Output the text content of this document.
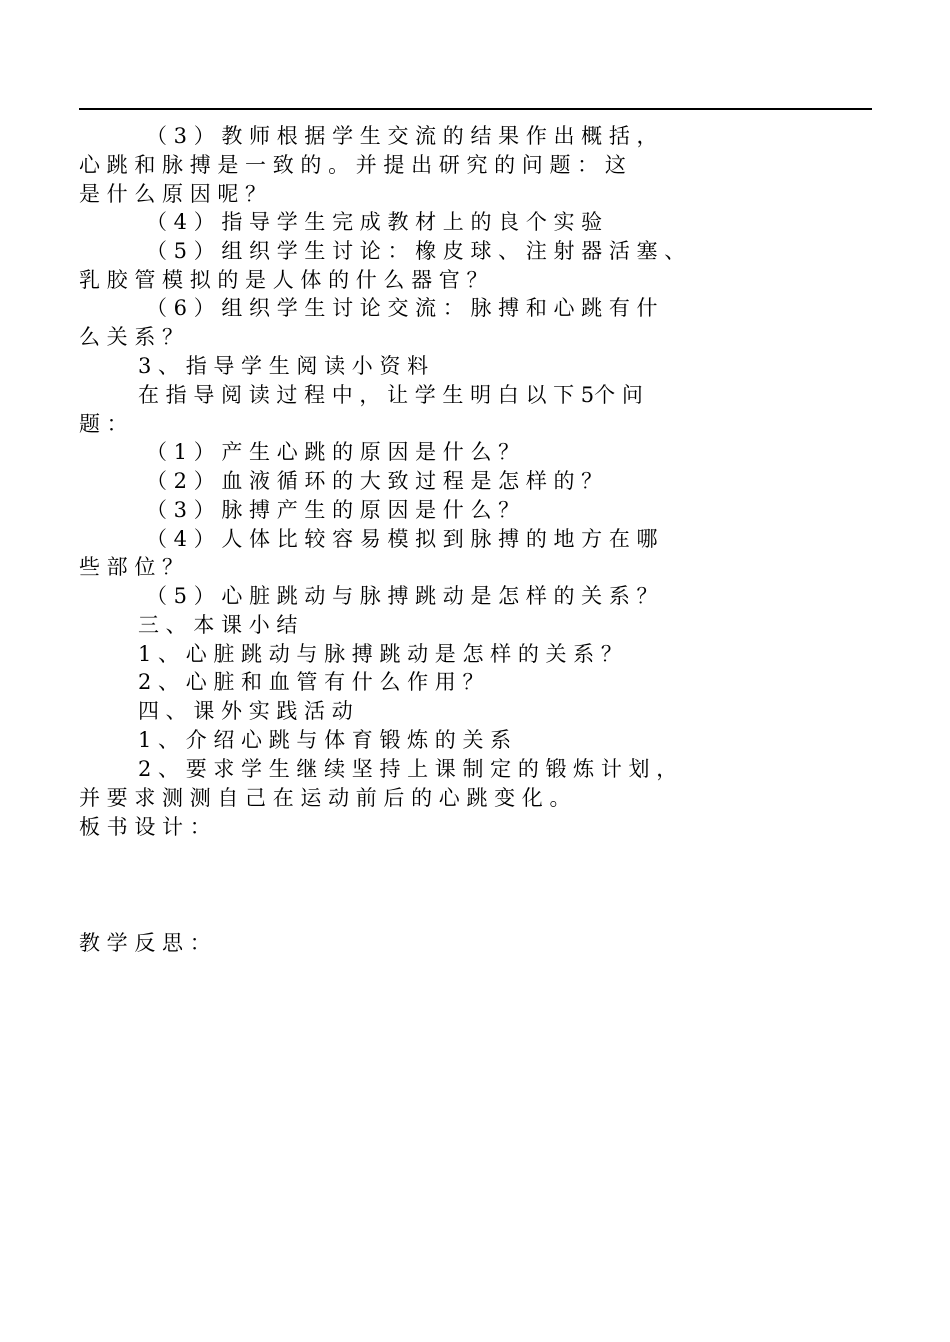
（ 3 ） 教 师 根 据 学 生 交 流 的 结 果 作 出 概 括 ，
心 跳 和 脉 搏 是 一 致 的 。 并 提 出 研 究 的 问 题 ： 这
是 什 么 原 因 呢 ？
（ 4 ） 指 导 学 生 完 成 教 材 上 的 良 个 实 验
（ 5 ） 组 织 学 生 讨 论 ： 橡 皮 球 、 注 射 器 活 塞 、
乳 胶 管 模 拟 的 是 人 体 的 什 么 器 官 ？
（ 6 ） 组 织 学 生 讨 论 交 流 ： 脉 搏 和 心 跳 有 什
么 关 系 ？
3 、 指 导 学 生 阅 读 小 资 料
在 指 导 阅 读 过 程 中 ， 让 学 生 明 白 以 下 5个 问
题 ：
（ 1 ） 产 生 心 跳 的 原 因 是 什 么 ？
（ 2 ） 血 液 循 环 的 大 致 过 程 是 怎 样 的 ？
（ 3 ） 脉 搏 产 生 的 原 因 是 什 么 ？
（ 4 ） 人 体 比 较 容 易 模 拟 到 脉 搏 的 地 方 在 哪
些 部 位 ？
（ 5 ） 心 脏 跳 动 与 脉 搏 跳 动 是 怎 样 的 关 系 ？
三 、 本 课 小 结
1 、 心 脏 跳 动 与 脉 搏 跳 动 是 怎 样 的 关 系 ？
2 、 心 脏 和 血 管 有 什 么 作 用 ？
四 、 课 外 实 践 活 动
1 、 介 绍 心 跳 与 体 育 锻 炼 的 关 系
2 、 要 求 学 生 继 续 坚 持 上 课 制 定 的 锻 炼 计 划 ，
并 要 求 测 测 自 己 在 运 动 前 后 的 心 跳 变 化 。
板 书 设 计 ：
教 学 反 思 ：
